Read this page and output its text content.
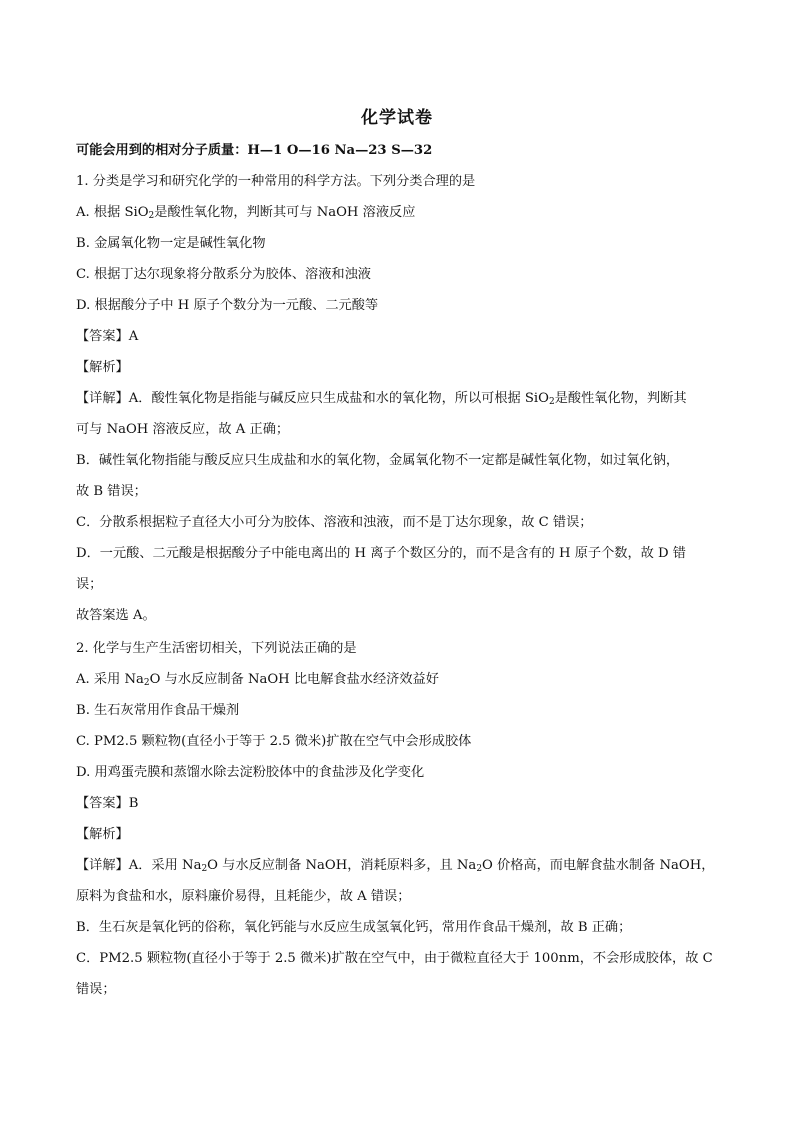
化学试卷
可能会用到的相对分子质量：H—1 O—16 Na—23 S—32
1. 分类是学习和研究化学的一种常用的科学方法。下列分类合理的是
A. 根据 SiO$_2$是酸性氧化物，判断其可与 NaOH 溶液反应
B. 金属氧化物一定是碱性氧化物
C. 根据丁达尔现象将分散系分为胶体、溶液和浊液
D. 根据酸分子中 H 原子个数分为一元酸、二元酸等
【答案】A
【解析】
【详解】A．酸性氧化物是指能与碱反应只生成盐和水的氧化物，所以可根据 SiO$_2$是酸性氧化物，判断其
可与 NaOH 溶液反应，故 A 正确；
B．碱性氧化物指能与酸反应只生成盐和水的氧化物，金属氧化物不一定都是碱性氧化物，如过氧化钠，
故 B 错误；
C．分散系根据粒子直径大小可分为胶体、溶液和浊液，而不是丁达尔现象，故 C 错误；
D．一元酸、二元酸是根据酸分子中能电离出的 H 离子个数区分的，而不是含有的 H 原子个数，故 D 错
误；
故答案选 A。
2. 化学与生产生活密切相关，下列说法正确的是
A. 采用 $Na_2O$ 与水反应制备 NaOH 比电解食盐水经济效益好
B. 生石灰常用作食品干燥剂
C. PM2.5 颗粒物(直径小于等于 2.5 微米)扩散在空气中会形成胶体
D. 用鸡蛋壳膜和蒸馏水除去淀粉胶体中的食盐涉及化学变化
【答案】B
【解析】
【详解】A．采用 $Na_2O$ 与水反应制备 NaOH，消耗原料多，且 $Na_2O$ 价格高，而电解食盐水制备 NaOH，
原料为食盐和水，原料廉价易得，且耗能少，故 A 错误；
B．生石灰是氧化钙的俗称，氧化钙能与水反应生成氢氧化钙，常用作食品干燥剂，故 B 正确；
C．PM2.5 颗粒物(直径小于等于 2.5 微米)扩散在空气中，由于微粒直径大于 100nm，不会形成胶体，故 C
错误；
